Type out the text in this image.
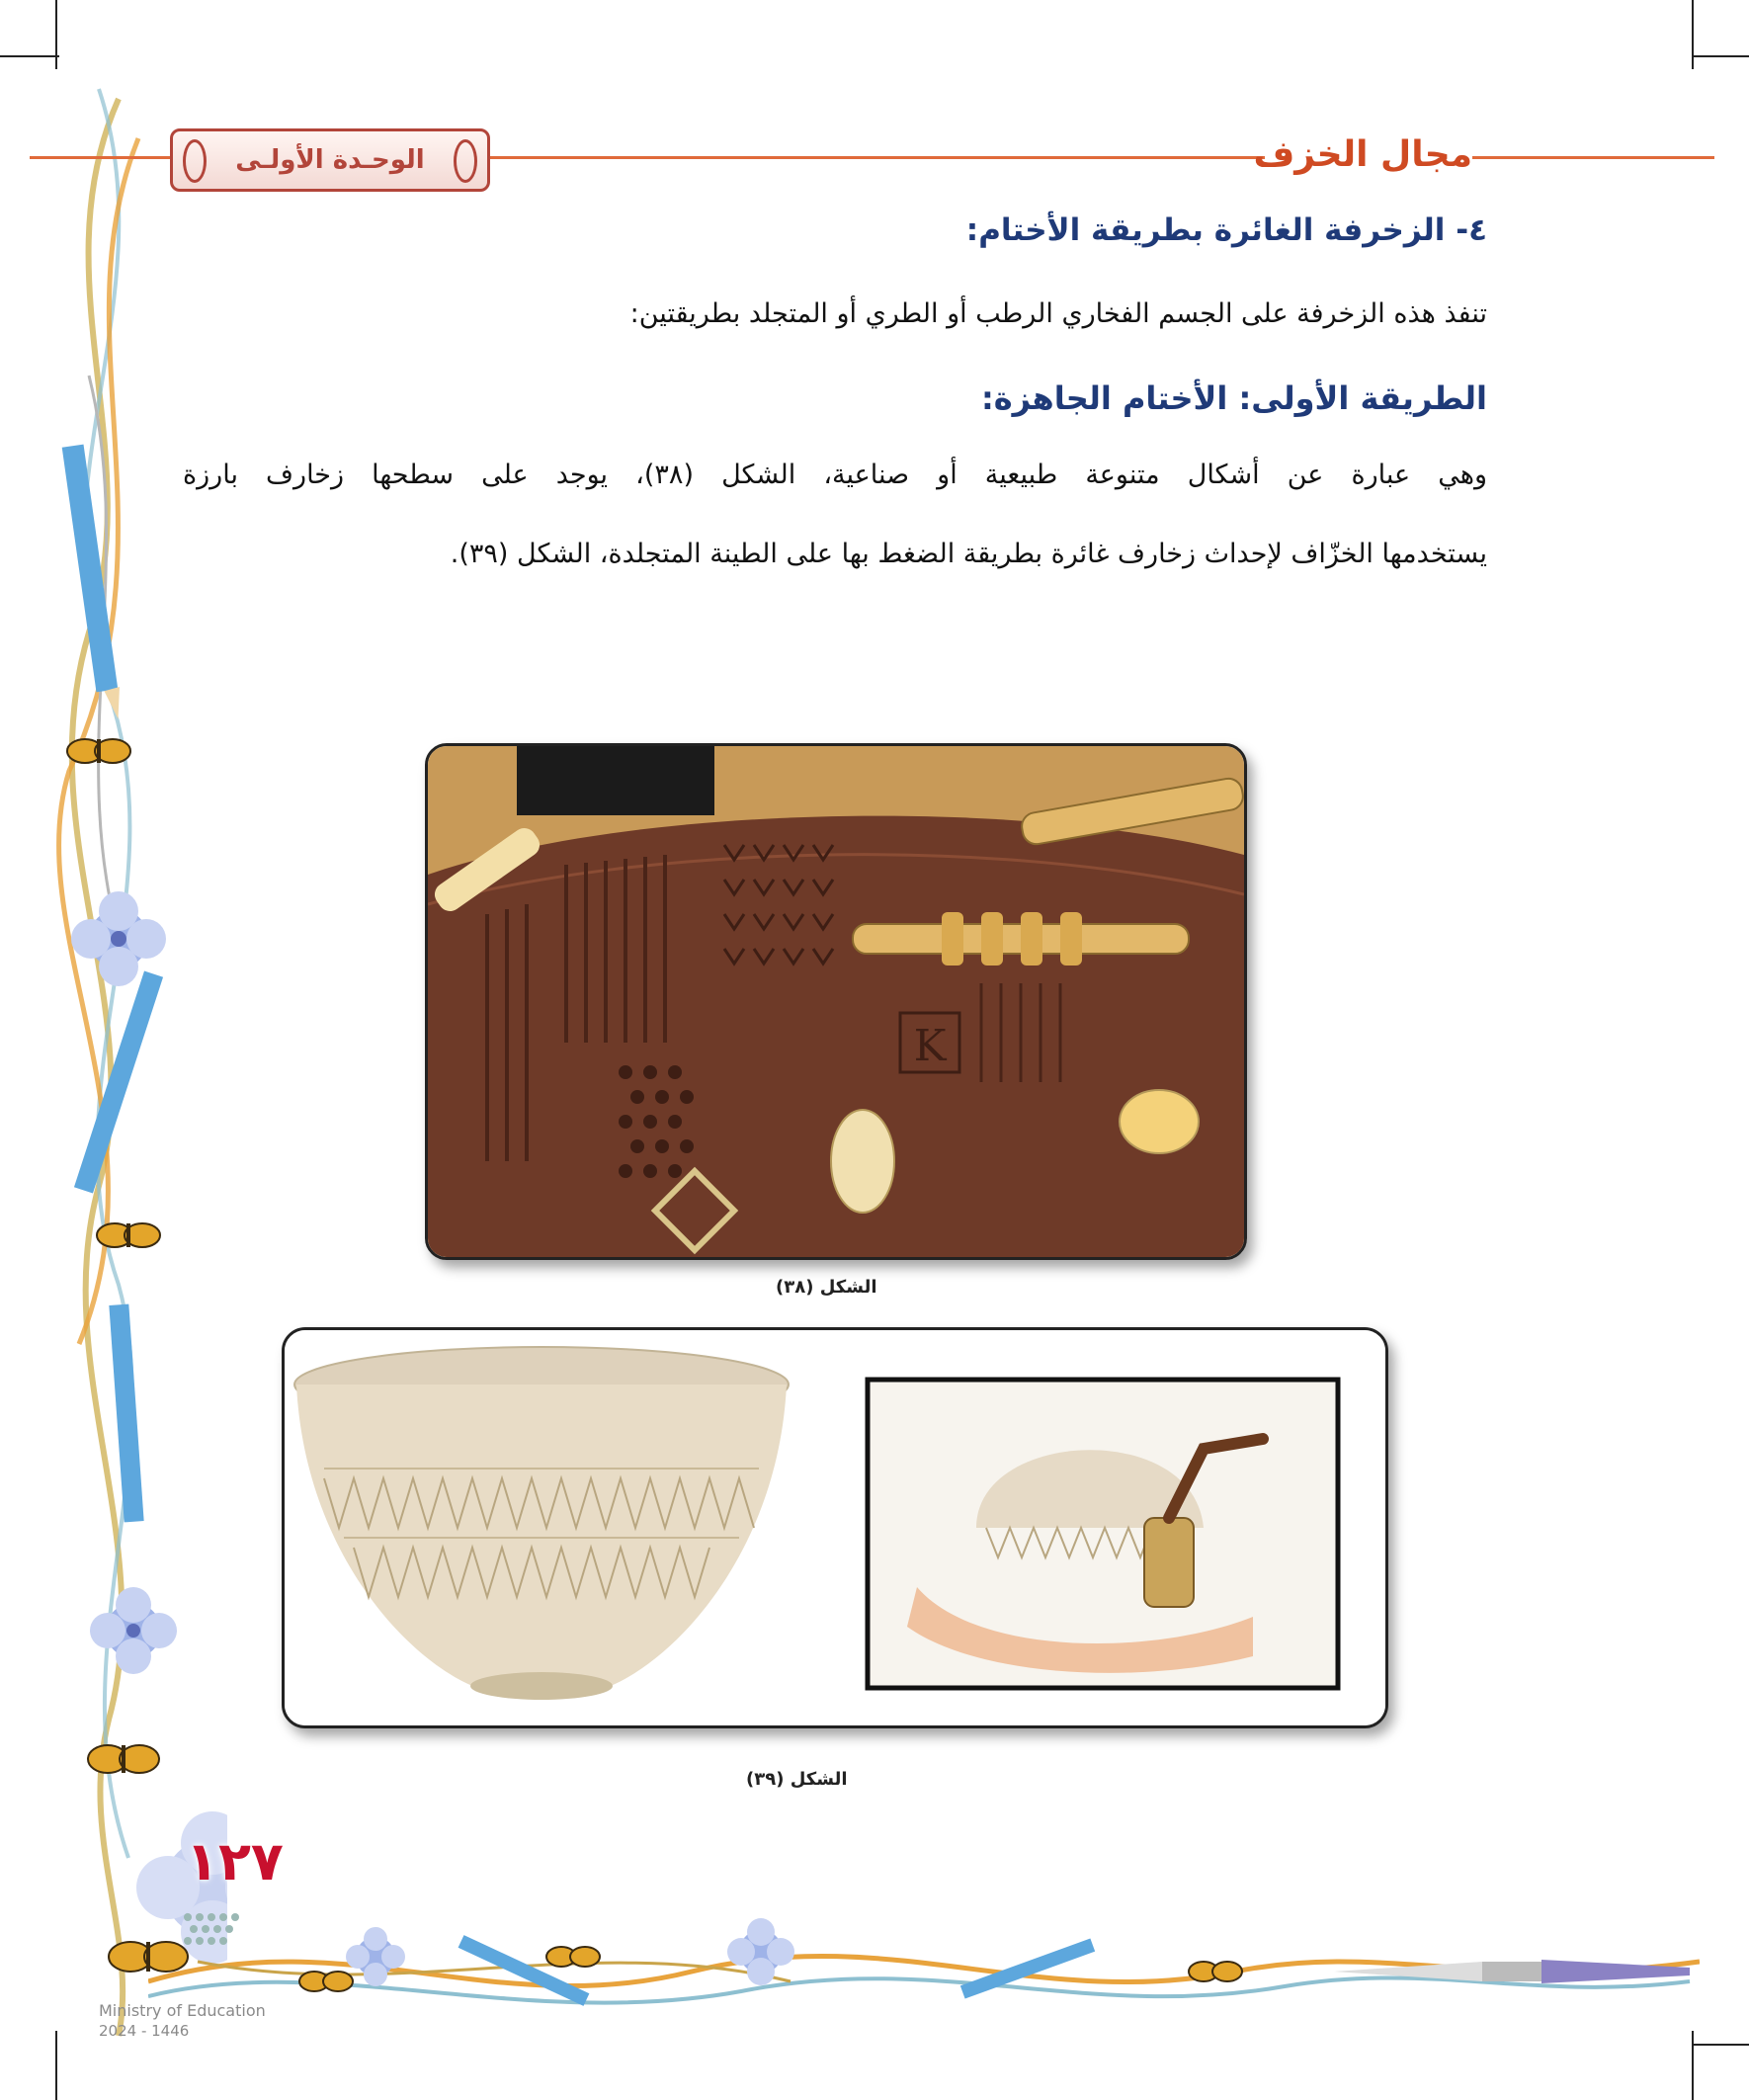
الوحـدة الأولـى	مجال الخزف
٤- الزخرفة الغائرة بطريقة الأختام:
تنفذ هذه الزخرفة على الجسم الفخاري الرطب أو الطري أو المتجلد بطريقتين:
الطريقة الأولى: الأختام الجاهزة:
وهي عبارة عن أشكال متنوعة طبيعية أو صناعية، الشكل (٣٨)، يوجد على سطحها زخارف بارزة
يستخدمها الخزّاف لإحداث زخارف غائرة بطريقة الضغط بها على الطينة المتجلدة، الشكل (٣٩).
K
الشكل (٣٨)
الشكل (٣٩)
١٢٧
Ministry of Education
2024 - 1446
